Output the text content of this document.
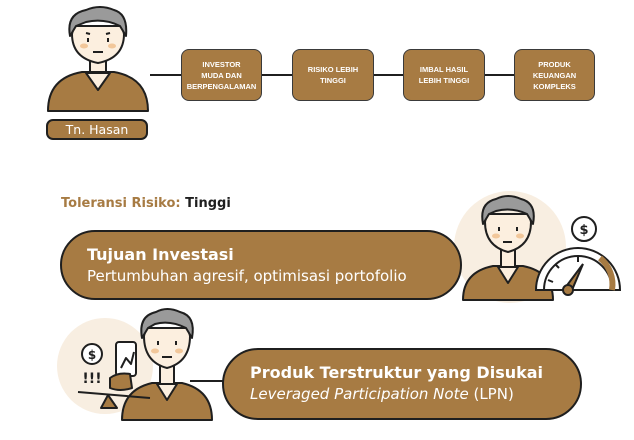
$
$
!!!
INVESTOR
MUDA DAN
BERPENGALAMAN
RISIKO LEBIH
TINGGI
IMBAL HASIL
LEBIH TINGGI
PRODUK
KEUANGAN
KOMPLEKS
Tn. Hasan
Toleransi Risiko: Tinggi
Tujuan Investasi
Pertumbuhan agresif, optimisasi portofolio
Produk Terstruktur yang Disukai
Leveraged Participation Note (LPN)
